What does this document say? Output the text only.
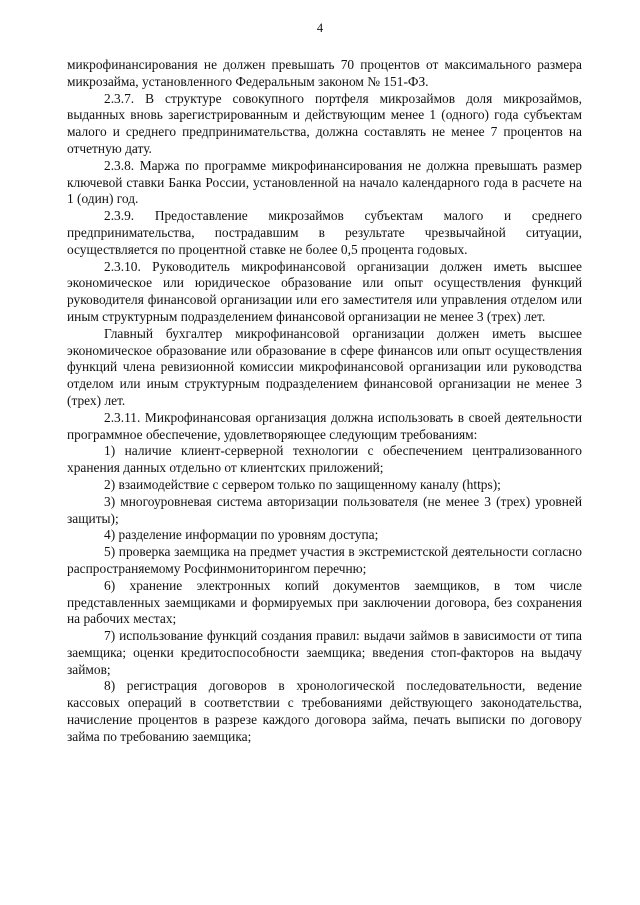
4

микрофинансирования не должен превышать 70 процентов от максимального размера микрозайма, установленного Федеральным законом № 151-ФЗ.

2.3.7. В структуре совокупного портфеля микрозаймов доля микрозаймов, выданных вновь зарегистрированным и действующим менее 1 (одного) года субъектам малого и среднего предпринимательства, должна составлять не менее 7 процентов на отчетную дату.

2.3.8. Маржа по программе микрофинансирования не должна превышать размер ключевой ставки Банка России, установленной на начало календарного года в расчете на 1 (один) год.

2.3.9. Предоставление микрозаймов субъектам малого и среднего предпринимательства, пострадавшим в результате чрезвычайной ситуации, осуществляется по процентной ставке не более 0,5 процента годовых.

2.3.10. Руководитель микрофинансовой организации должен иметь высшее экономическое или юридическое образование или опыт осуществления функций руководителя финансовой организации или его заместителя или управления отделом или иным структурным подразделением финансовой организации не менее 3 (трех) лет.

Главный бухгалтер микрофинансовой организации должен иметь высшее экономическое образование или образование в сфере финансов или опыт осуществления функций члена ревизионной комиссии микрофинансовой организации или руководства отделом или иным структурным подразделением финансовой организации не менее 3 (трех) лет.

2.3.11. Микрофинансовая организация должна использовать в своей деятельности программное обеспечение, удовлетворяющее следующим требованиям:

1) наличие клиент-серверной технологии с обеспечением централизованного хранения данных отдельно от клиентских приложений;

2) взаимодействие с сервером только по защищенному каналу (https);

3) многоуровневая система авторизации пользователя (не менее 3 (трех) уровней защиты);

4) разделение информации по уровням доступа;

5) проверка заемщика на предмет участия в экстремистской деятельности согласно распространяемому Росфинмониторингом перечню;

6) хранение электронных копий документов заемщиков, в том числе представленных заемщиками и формируемых при заключении договора, без сохранения на рабочих местах;

7) использование функций создания правил: выдачи займов в зависимости от типа заемщика; оценки кредитоспособности заемщика; введения стоп-факторов на выдачу займов;

8) регистрация договоров в хронологической последовательности, ведение кассовых операций в соответствии с требованиями действующего законодательства, начисление процентов в разрезе каждого договора займа, печать выписки по договору займа по требованию заемщика;
